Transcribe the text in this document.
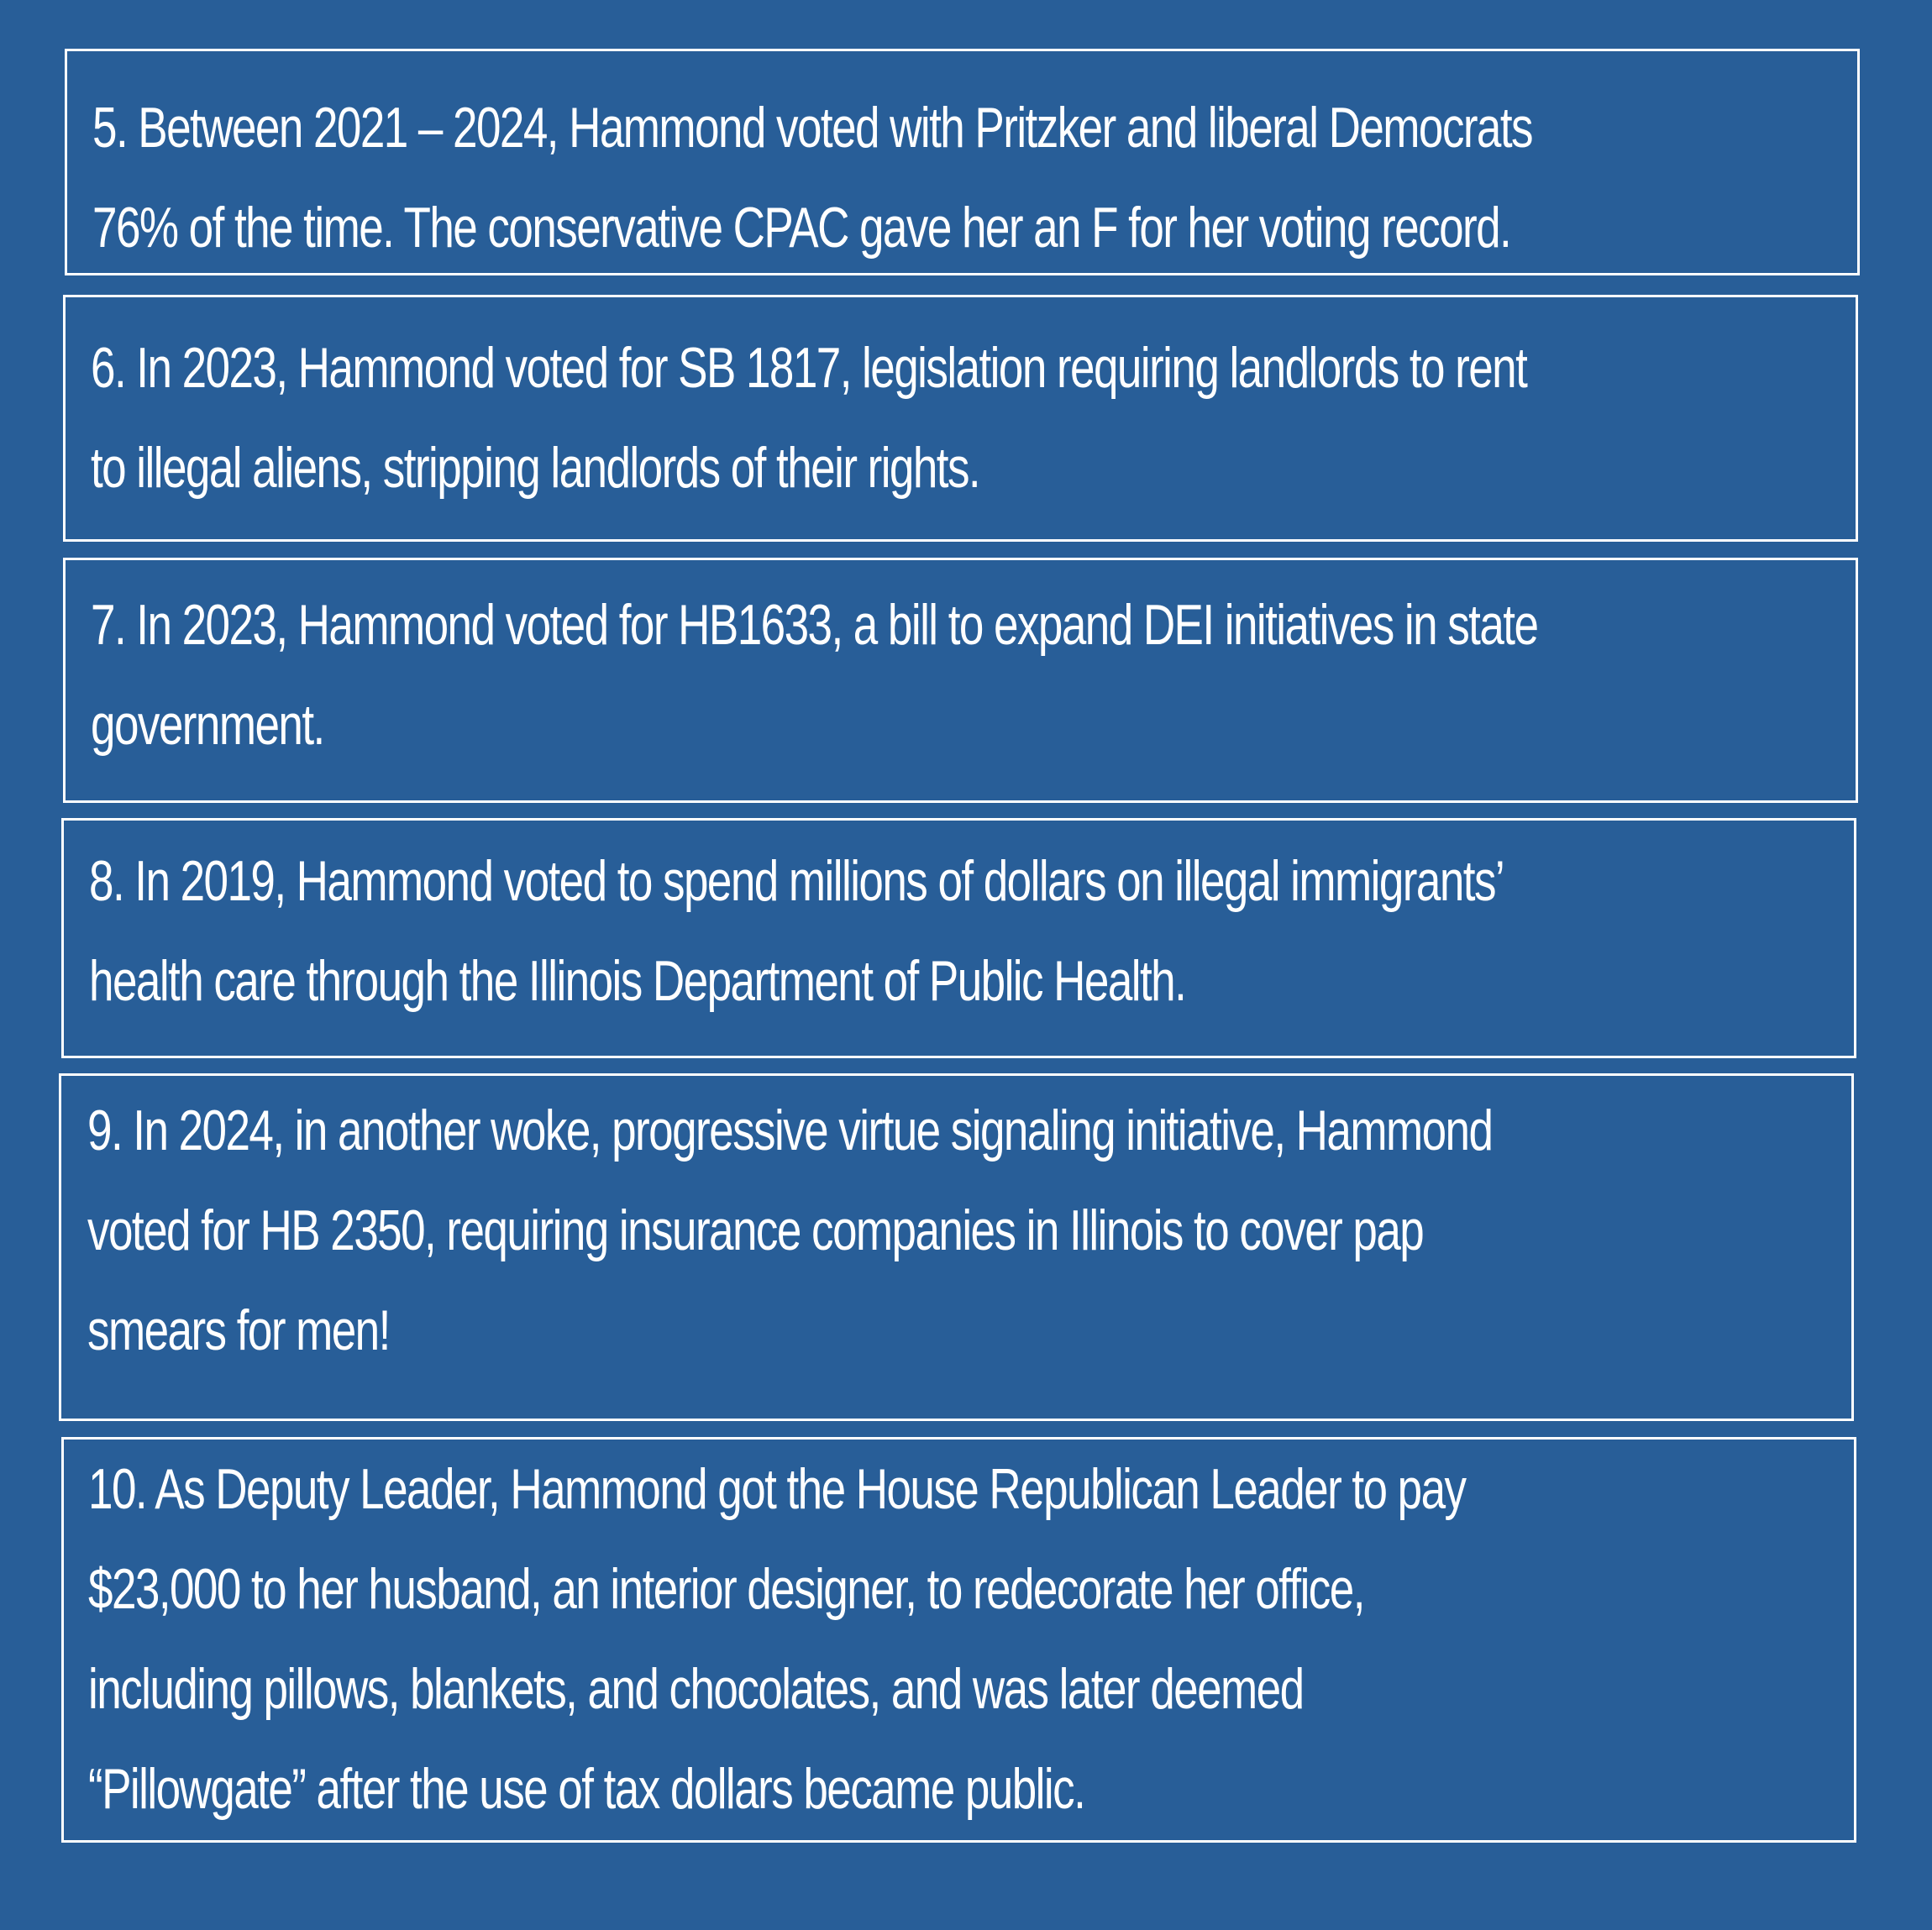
5. Between 2021 – 2024, Hammond voted with Pritzker and liberal Democrats
76% of the time. The conservative CPAC gave her an F for her voting record.
6. In 2023, Hammond voted for SB 1817, legislation requiring landlords to rent
to illegal aliens, stripping landlords of their rights.
7. In 2023, Hammond voted for HB1633, a bill to expand DEI initiatives in state
government.
8. In 2019, Hammond voted to spend millions of dollars on illegal immigrants’
health care through the Illinois Department of Public Health.
9. In 2024, in another woke, progressive virtue signaling initiative, Hammond
voted for HB 2350, requiring insurance companies in Illinois to cover pap
smears for men!
10. As Deputy Leader, Hammond got the House Republican Leader to pay
$23,000 to her husband, an interior designer, to redecorate her office,
including pillows, blankets, and chocolates, and was later deemed
“Pillowgate” after the use of tax dollars became public.
